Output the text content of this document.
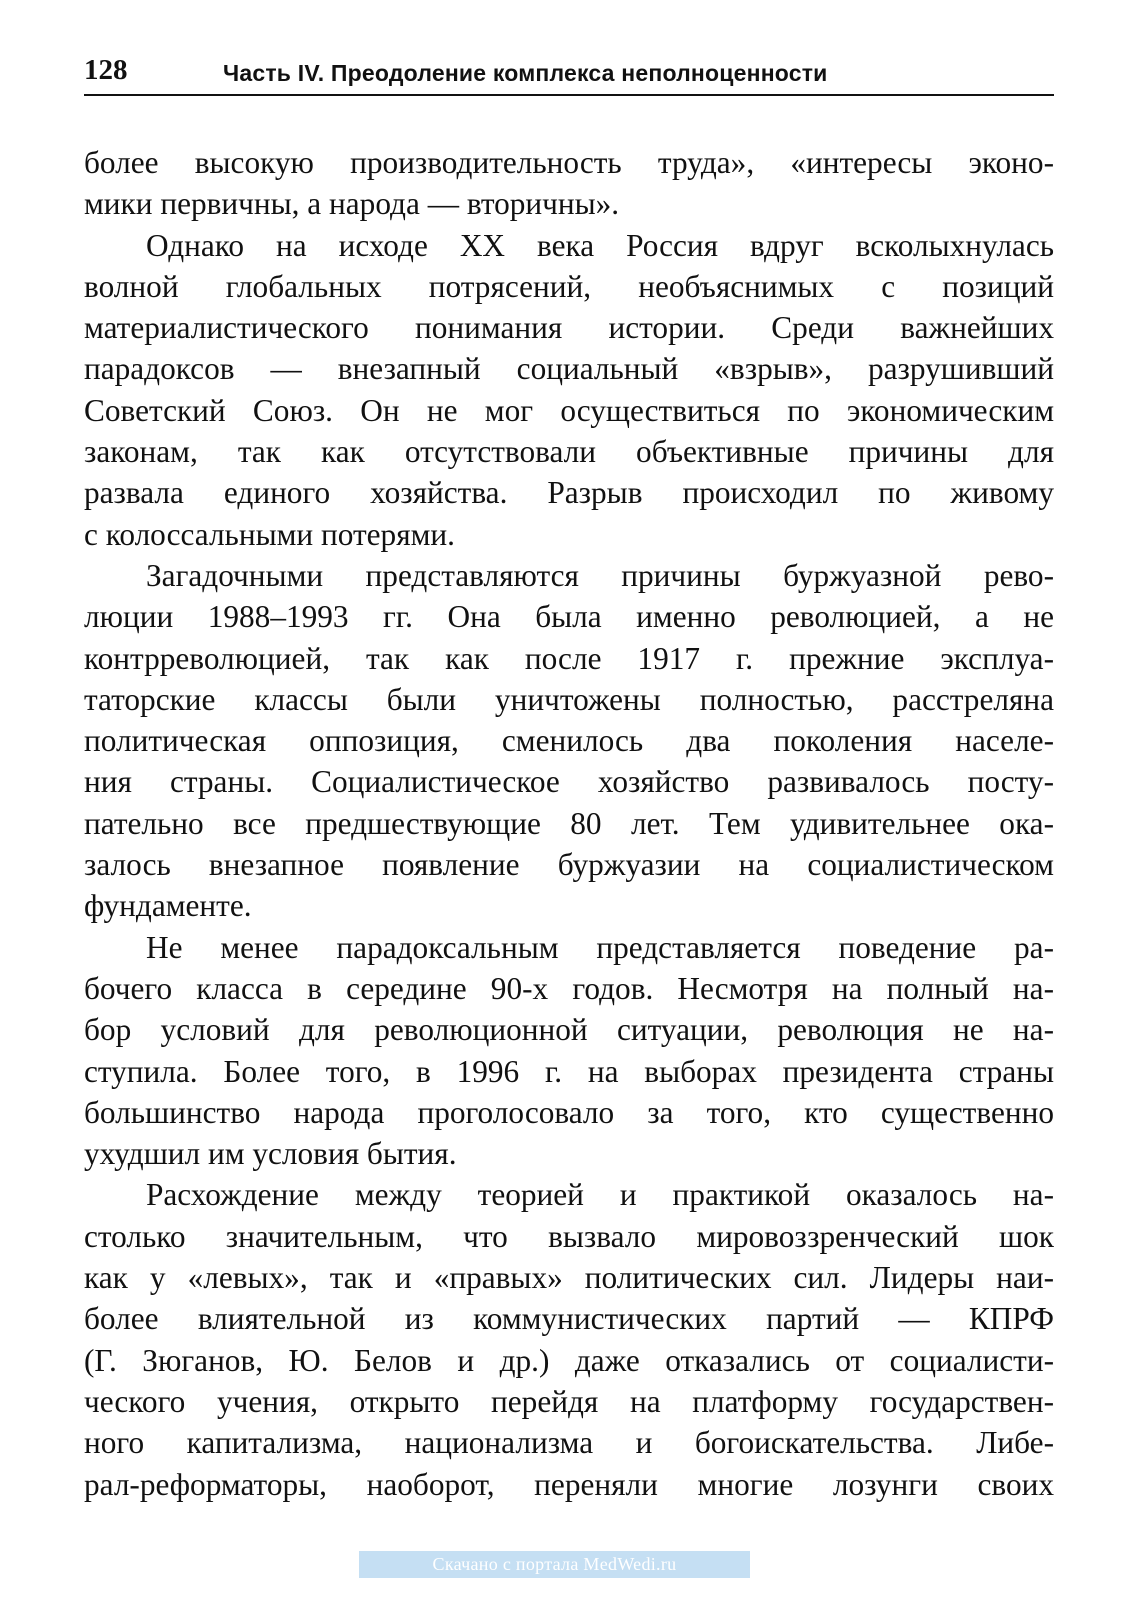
128	Часть IV. Преодоление комплекса неполноценности
более высокую производительность труда», «интересы эконо-
мики первичны, а народа — вторичны».
Однако на исходе XX века Россия вдруг всколыхнулась
волной глобальных потрясений, необъяснимых с позиций
материалистического понимания истории. Среди важнейших
парадоксов — внезапный социальный «взрыв», разрушивший
Советский Союз. Он не мог осуществиться по экономическим
законам, так как отсутствовали объективные причины для
развала единого хозяйства. Разрыв происходил по живому
с колоссальными потерями.
Загадочными представляются причины буржуазной рево-
люции 1988–1993 гг. Она была именно революцией, а не
контрреволюцией, так как после 1917 г. прежние эксплуа-
таторские классы были уничтожены полностью, расстреляна
политическая оппозиция, сменилось два поколения населе-
ния страны. Социалистическое хозяйство развивалось посту-
пательно все предшествующие 80 лет. Тем удивительнее ока-
залось внезапное появление буржуазии на социалистическом
фундаменте.
Не менее парадоксальным представляется поведение ра-
бочего класса в середине 90-х годов. Несмотря на полный на-
бор условий для революционной ситуации, революция не на-
ступила. Более того, в 1996 г. на выборах президента страны
большинство народа проголосовало за того, кто существенно
ухудшил им условия бытия.
Расхождение между теорией и практикой оказалось на-
столько значительным, что вызвало мировоззренческий шок
как у «левых», так и «правых» политических сил. Лидеры наи-
более влиятельной из коммунистических партий — КПРФ
(Г. Зюганов, Ю. Белов и др.) даже отказались от социалисти-
ческого учения, открыто перейдя на платформу государствен-
ного капитализма, национализма и богоискательства. Либе-
рал-реформаторы, наоборот, переняли многие лозунги своих
Скачано с портала MedWedi.ru
